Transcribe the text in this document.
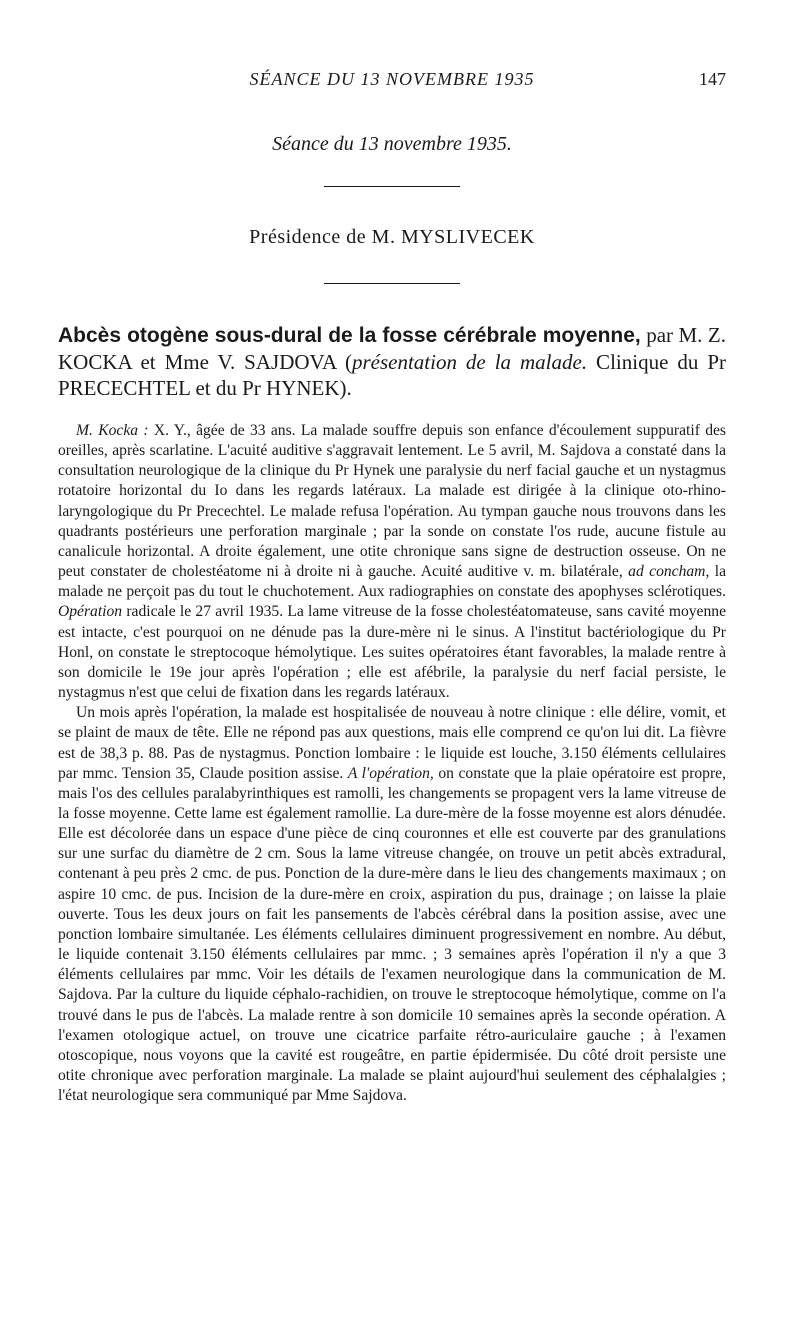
SÉANCE DU 13 NOVEMBRE 1935	147
Séance du 13 novembre 1935.
Présidence de M. MYSLIVECEK
Abcès otogène sous-dural de la fosse cérébrale moyenne, par M. Z. KOCKA et Mme V. SAJDOVA (présentation de la malade. Clinique du Pr PRECECHTEL et du Pr HYNEK).

M. Kocka : X. Y., âgée de 33 ans. La malade souffre depuis son enfance d'écoulement suppuratif des oreilles, après scarlatine. L'acuité auditive s'aggravait lentement. Le 5 avril, M. Sajdova a constaté dans la consultation neurologique de la clinique du Pr Hynek une paralysie du nerf facial gauche et un nystagmus rotatoire horizontal du Io dans les regards latéraux. La malade est dirigée à la clinique oto-rhino-laryngologique du Pr Precechtel. Le malade refusa l'opération. Au tympan gauche nous trouvons dans les quadrants postérieurs une perforation marginale ; par la sonde on constate l'os rude, aucune fistule au canalicule horizontal. A droite également, une otite chronique sans signe de destruction osseuse. On ne peut constater de cholestéatome ni à droite ni à gauche. Acuité auditive v. m. bilatérale, ad concham, la malade ne perçoit pas du tout le chuchotement. Aux radiographies on constate des apophyses sclérotiques. Opération radicale le 27 avril 1935. La lame vitreuse de la fosse cholestéatomateuse, sans cavité moyenne est intacte, c'est pourquoi on ne dénude pas la dure-mère ni le sinus. A l'institut bactériologique du Pr Honl, on constate le streptocoque hémolytique. Les suites opératoires étant favorables, la malade rentre à son domicile le 19e jour après l'opération ; elle est afébrile, la paralysie du nerf facial persiste, le nystagmus n'est que celui de fixation dans les regards latéraux.

Un mois après l'opération, la malade est hospitalisée de nouveau à notre clinique : elle délire, vomit, et se plaint de maux de tête. Elle ne répond pas aux questions, mais elle comprend ce qu'on lui dit. La fièvre est de 38,3 p. 88. Pas de nystagmus. Ponction lombaire : le liquide est louche, 3.150 éléments cellulaires par mmc. Tension 35, Claude position assise. A l'opération, on constate que la plaie opératoire est propre, mais l'os des cellules paralabyrinthiques est ramolli, les changements se propagent vers la lame vitreuse de la fosse moyenne. Cette lame est également ramollie. La dure-mère de la fosse moyenne est alors dénudée. Elle est décolorée dans un espace d'une pièce de cinq couronnes et elle est couverte par des granulations sur une surfac du diamètre de 2 cm. Sous la lame vitreuse changée, on trouve un petit abcès extradural, contenant à peu près 2 cmc. de pus. Ponction de la dure-mère dans le lieu des changements maximaux ; on aspire 10 cmc. de pus. Incision de la dure-mère en croix, aspiration du pus, drainage ; on laisse la plaie ouverte. Tous les deux jours on fait les pansements de l'abcès cérébral dans la position assise, avec une ponction lombaire simultanée. Les éléments cellulaires diminuent progressivement en nombre. Au début, le liquide contenait 3.150 éléments cellulaires par mmc. ; 3 semaines après l'opération il n'y a que 3 éléments cellulaires par mmc. Voir les détails de l'examen neurologique dans la communication de M. Sajdova. Par la culture du liquide céphalo-rachidien, on trouve le streptocoque hémolytique, comme on l'a trouvé dans le pus de l'abcès. La malade rentre à son domicile 10 semaines après la seconde opération. A l'examen otologique actuel, on trouve une cicatrice parfaite rétro-auriculaire gauche ; à l'examen otoscopique, nous voyons que la cavité est rougeâtre, en partie épidermisée. Du côté droit persiste une otite chronique avec perforation marginale. La malade se plaint aujourd'hui seulement des céphalalgies ; l'état neurologique sera communiqué par Mme Sajdova.
